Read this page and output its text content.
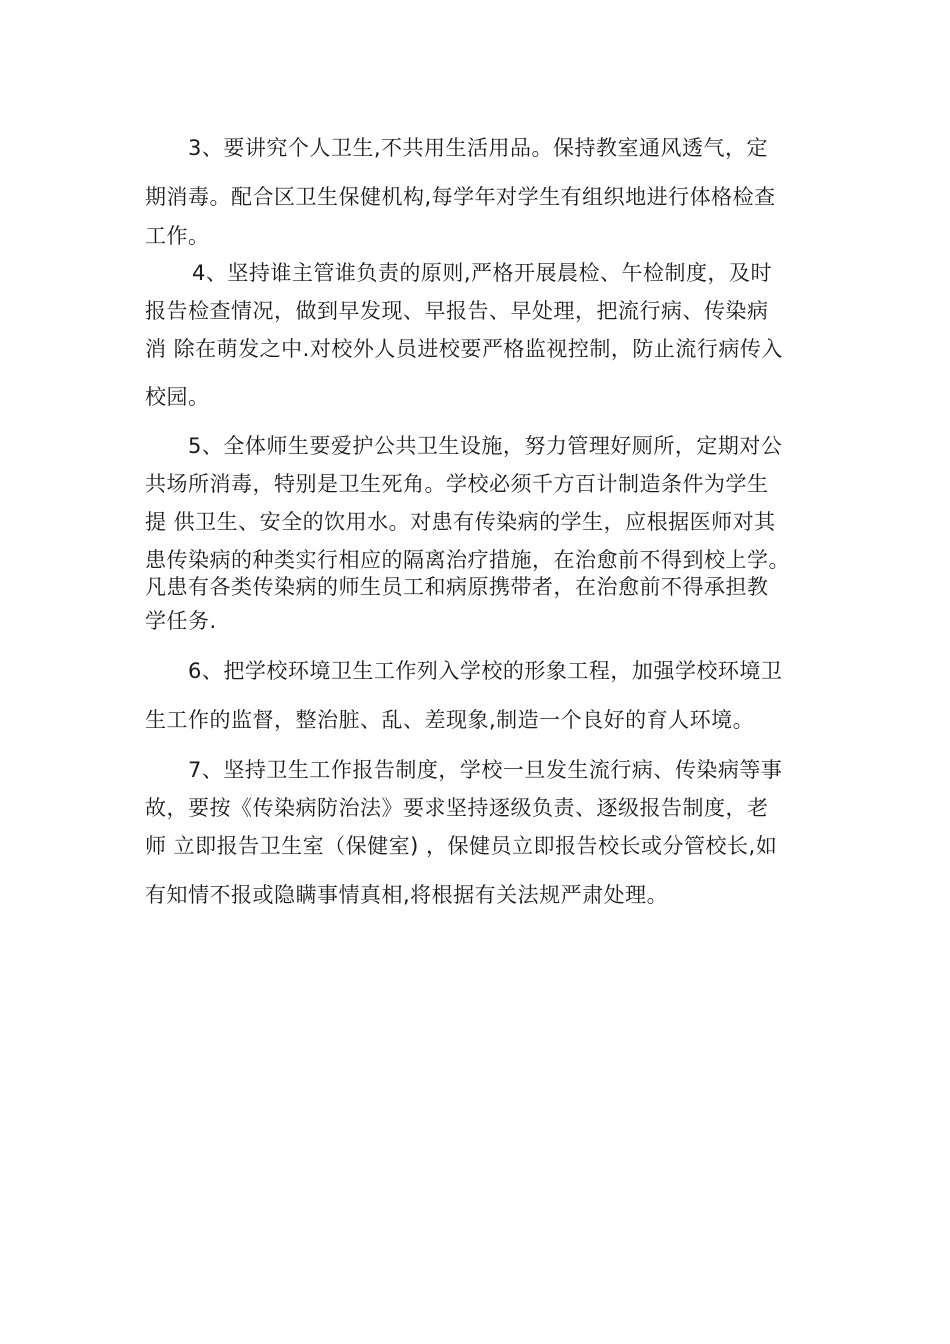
3、要讲究个人卫生,不共用生活用品。保持教室通风透气，定
期消毒。配合区卫生保健机构,每学年对学生有组织地进行体格检查
工作。
4、坚持谁主管谁负责的原则,严格开展晨检、午检制度，及时
报告检查情况，做到早发现、早报告、早处理，把流行病、传染病
消 除在萌发之中.对校外人员进校要严格监视控制，防止流行病传入
校园。
5、全体师生要爱护公共卫生设施，努力管理好厕所，定期对公
共场所消毒，特别是卫生死角。学校必须千方百计制造条件为学生
提 供卫生、安全的饮用水。对患有传染病的学生，应根据医师对其
患传染病的种类实行相应的隔离治疗措施，在治愈前不得到校上学。
凡患有各类传染病的师生员工和病原携带者，在治愈前不得承担教
学任务.
6、把学校环境卫生工作列入学校的形象工程，加强学校环境卫
生工作的监督，整治脏、乱、差现象,制造一个良好的育人环境。
7、坚持卫生工作报告制度，学校一旦发生流行病、传染病等事
故，要按《传染病防治法》要求坚持逐级负责、逐级报告制度，老
师 立即报告卫生室（保健室) ，保健员立即报告校长或分管校长,如
有知情不报或隐瞒事情真相,将根据有关法规严肃处理。
